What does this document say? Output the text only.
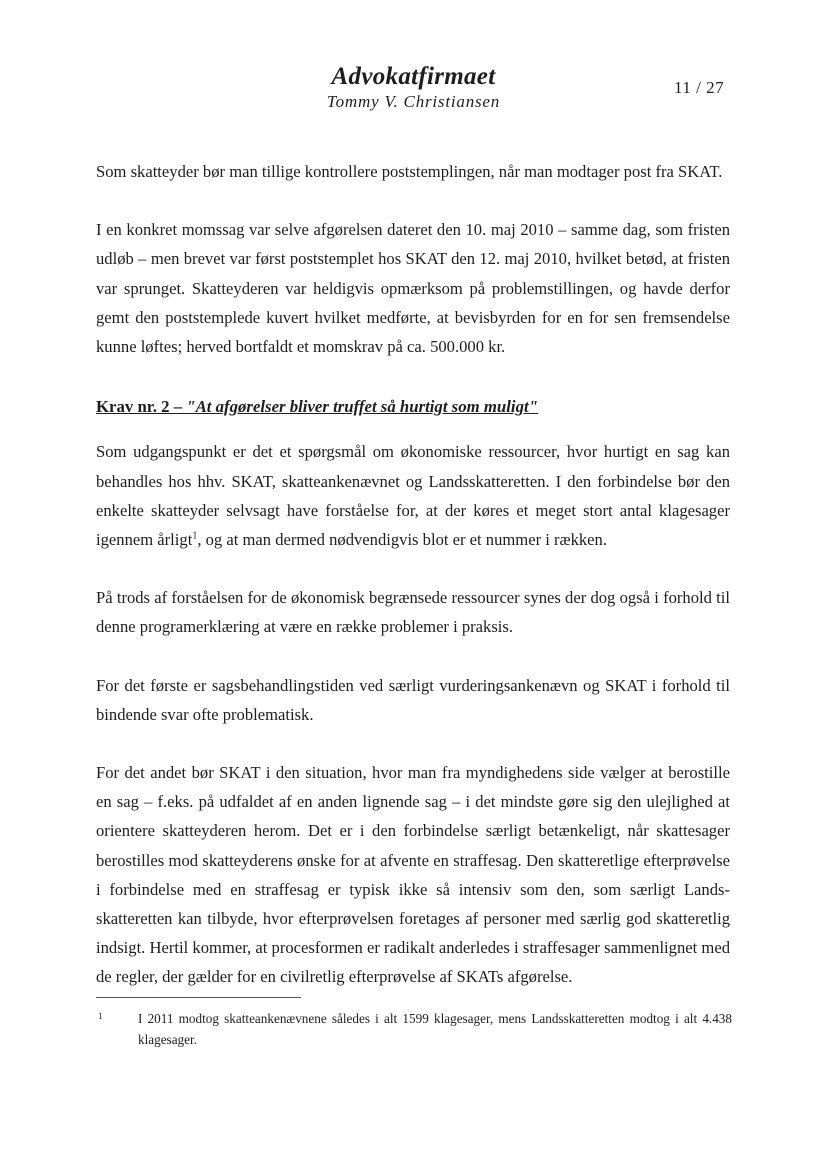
Advokatfirmaet
Tommy V. Christiansen
11 / 27

Som skatteyder bør man tillige kontrollere poststemplingen, når man modtager post fra SKAT.

I en konkret momssag var selve afgørelsen dateret den 10. maj 2010 – samme dag, som fristen udløb – men brevet var først poststemplet hos SKAT den 12. maj 2010, hvilket betød, at fristen var sprunget. Skatteyderen var heldigvis opmærksom på problemstillingen, og havde derfor gemt den poststemplede kuvert hvilket medførte, at bevisbyrden for en for sen fremsendelse kunne løftes; herved bortfaldt et momskrav på ca. 500.000 kr.

Krav nr. 2 – "At afgørelser bliver truffet så hurtigt som muligt"

Som udgangspunkt er det et spørgsmål om økonomiske ressourcer, hvor hurtigt en sag kan behandles hos hhv. SKAT, skatteankenævnet og Landsskatteretten. I den forbindelse bør den enkelte skatteyder selvsagt have forståelse for, at der køres et meget stort antal klagesager igennem årligt$^1$, og at man dermed nødvendigvis blot er et nummer i rækken.

På trods af forståelsen for de økonomisk begrænsede ressourcer synes der dog også i forhold til denne programerklæring at være en række problemer i praksis.

For det første er sagsbehandlingstiden ved særligt vurderingsankenævn og SKAT i forhold til bindende svar ofte problematisk.

For det andet bør SKAT i den situation, hvor man fra myndighedens side vælger at berostille en sag – f.eks. på udfaldet af en anden lignende sag – i det mindste gøre sig den ulejlighed at orientere skatteyderen herom. Det er i den forbindelse særligt betænkeligt, når skattesager berostilles mod skatteyderens ønske for at afvente en straffesag. Den skatteretlige efterprøvelse i forbindelse med en straffesag er typisk ikke så intensiv som den, som særligt Landsskatteretten kan tilbyde, hvor efterprøvelsen foretages af personer med særlig god skatteretlig indsigt. Hertil kommer, at procesformen er radikalt anderledes i straffesager sammenlignet med de regler, der gælder for en civilretlig efterprøvelse af SKATs afgørelse.

1	I 2011 modtog skatteankenævnene således i alt 1599 klagesager, mens Landsskatteretten modtog i alt 4.438 klagesager.
